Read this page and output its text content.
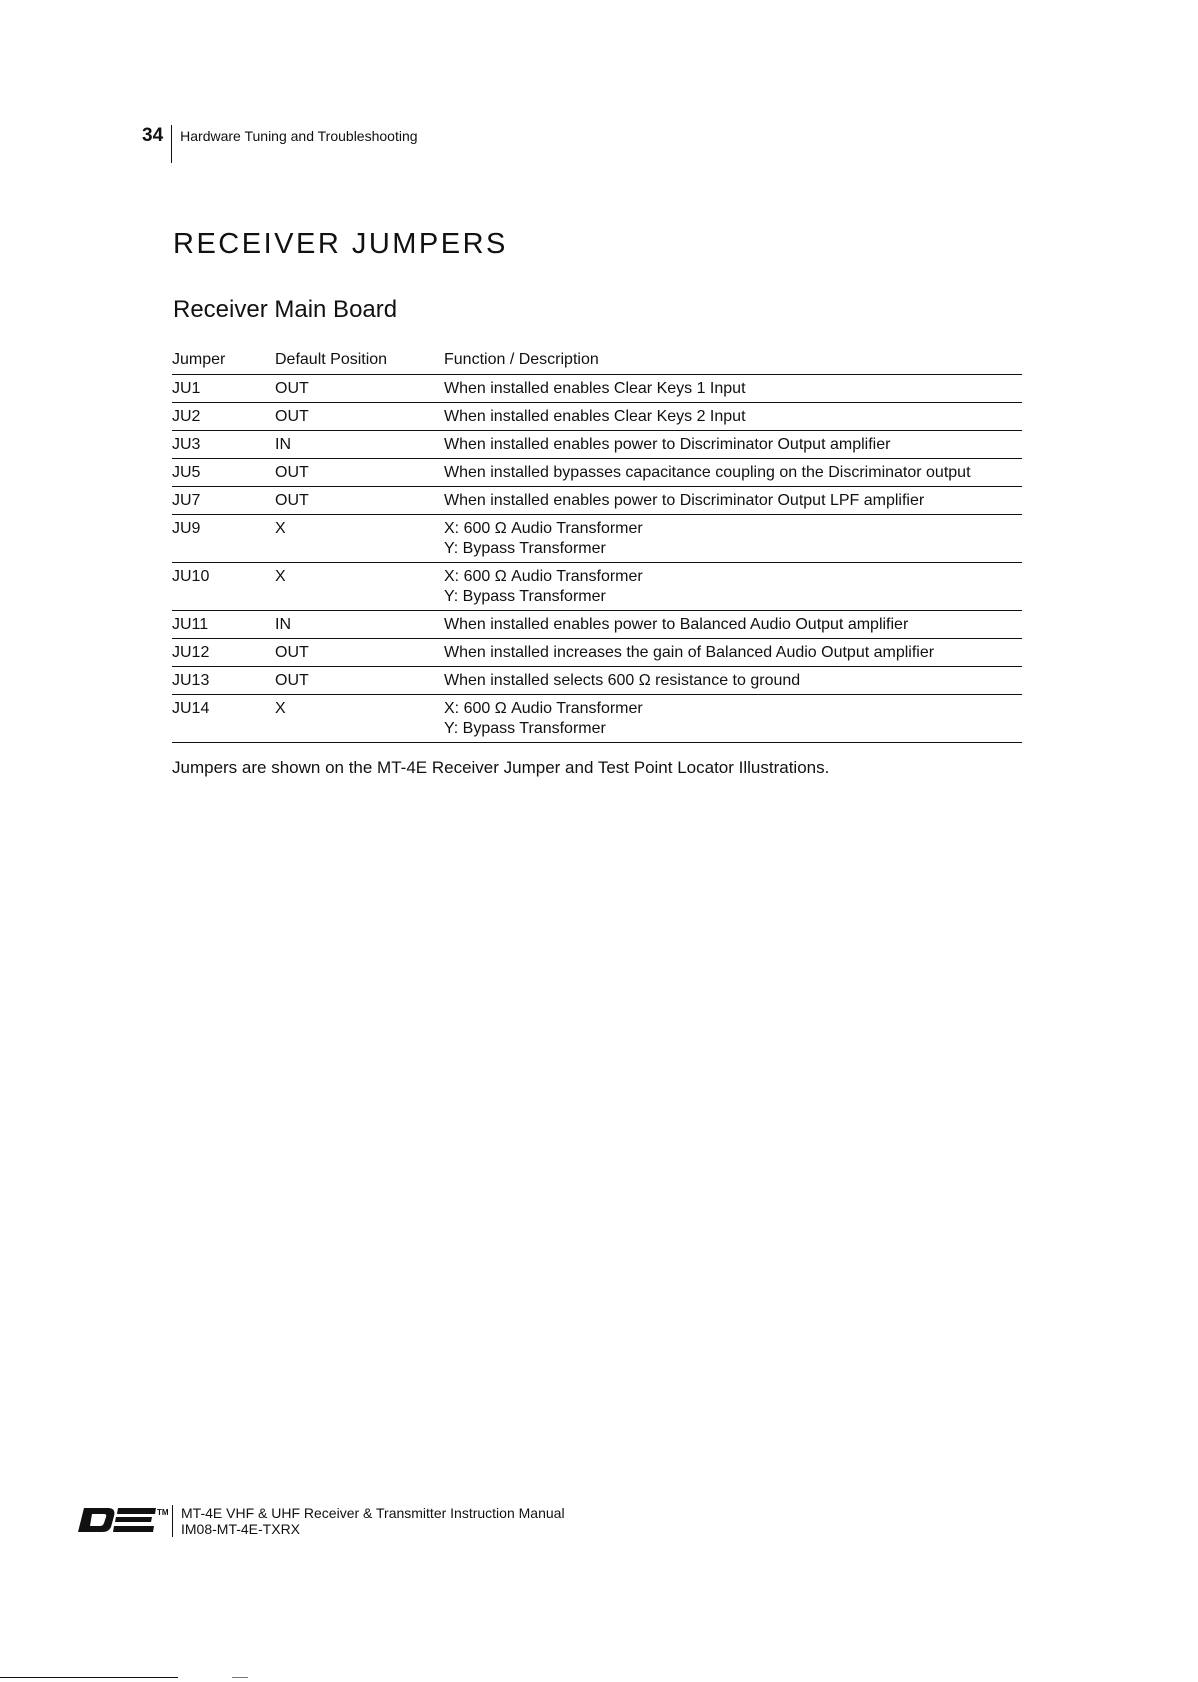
34 Hardware Tuning and Troubleshooting
RECEIVER JUMPERS
Receiver Main Board
Jumper	Default Position	Function / Description
JU1	OUT	When installed enables Clear Keys 1 Input

JU2	OUT	When installed enables Clear Keys 2 Input

JU3	IN	When installed enables power to Discriminator Output amplifier

JU5	OUT	When installed bypasses capacitance coupling on the Discriminator output

JU7	OUT	When installed enables power to Discriminator Output LPF amplifier

JU9	X	X: 600 Ω Audio Transformer
Y: Bypass Transformer

JU10	X	X: 600 Ω Audio Transformer
Y: Bypass Transformer

JU11	IN	When installed enables power to Balanced Audio Output amplifier

JU12	OUT	When installed increases the gain of Balanced Audio Output amplifier

JU13	OUT	When installed selects 600 Ω resistance to ground

JU14	X	X: 600 Ω Audio Transformer
Y: Bypass Transformer

Jumpers are shown on the MT-4E Receiver Jumper and Test Point Locator Illustrations.

TM MT-4E VHF & UHF Receiver & Transmitter Instruction Manual
IM08-MT-4E-TXRX
